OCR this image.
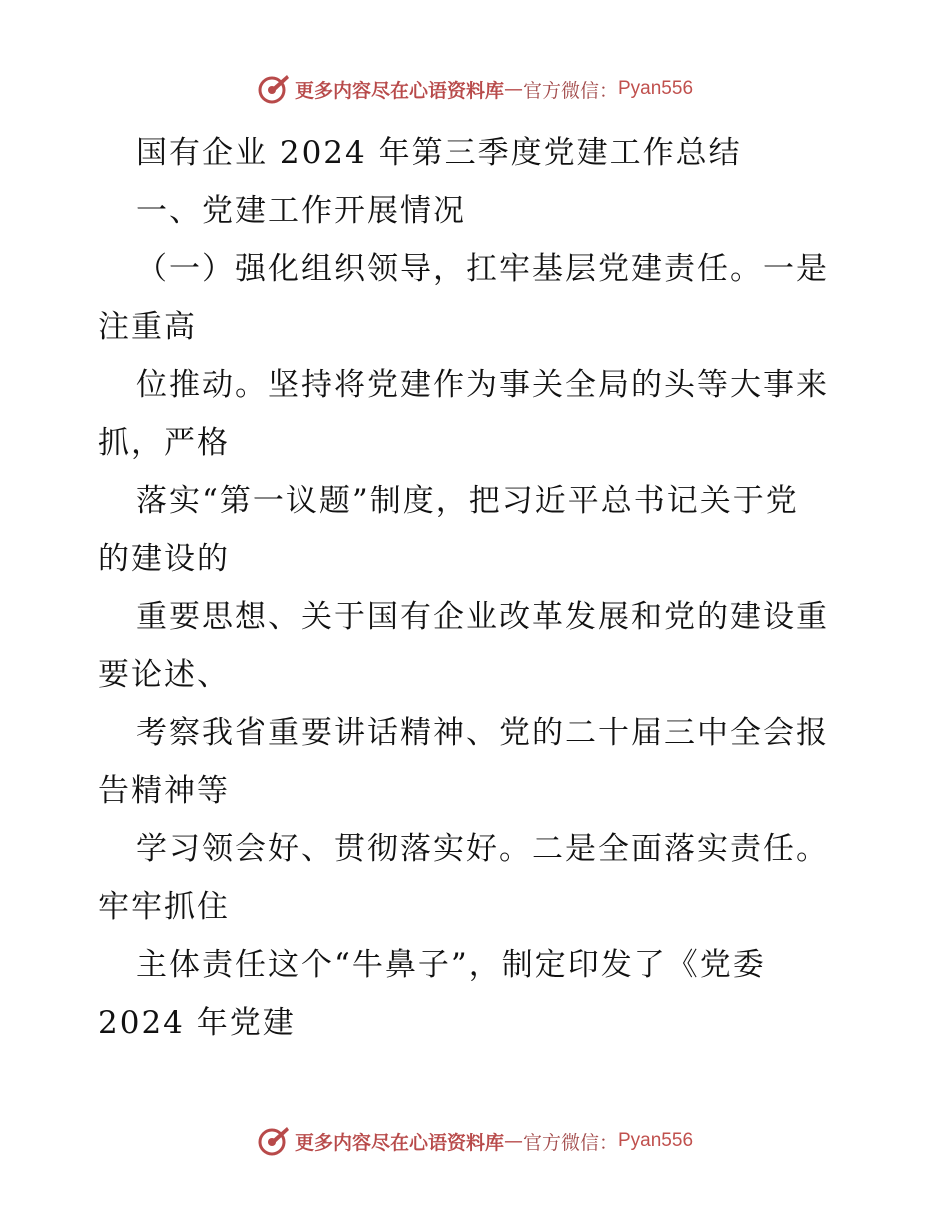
更多内容尽在心语资料库 — 官方微信： Pyan556
国有企业 2024 年第三季度党建工作总结
一、党建工作开展情况
（一）强化组织领导，扛牢基层党建责任。一是
注重高
位推动。坚持将党建作为事关全局的头等大事来
抓，严格
落实“第一议题”制度，把习近平总书记关于党
的建设的
重要思想、关于国有企业改革发展和党的建设重
要论述、
考察我省重要讲话精神、党的二十届三中全会报
告精神等
学习领会好、贯彻落实好。二是全面落实责任。
牢牢抓住
主体责任这个“牛鼻子”，制定印发了《党委
2024 年党建
更多内容尽在心语资料库 — 官方微信： Pyan556
